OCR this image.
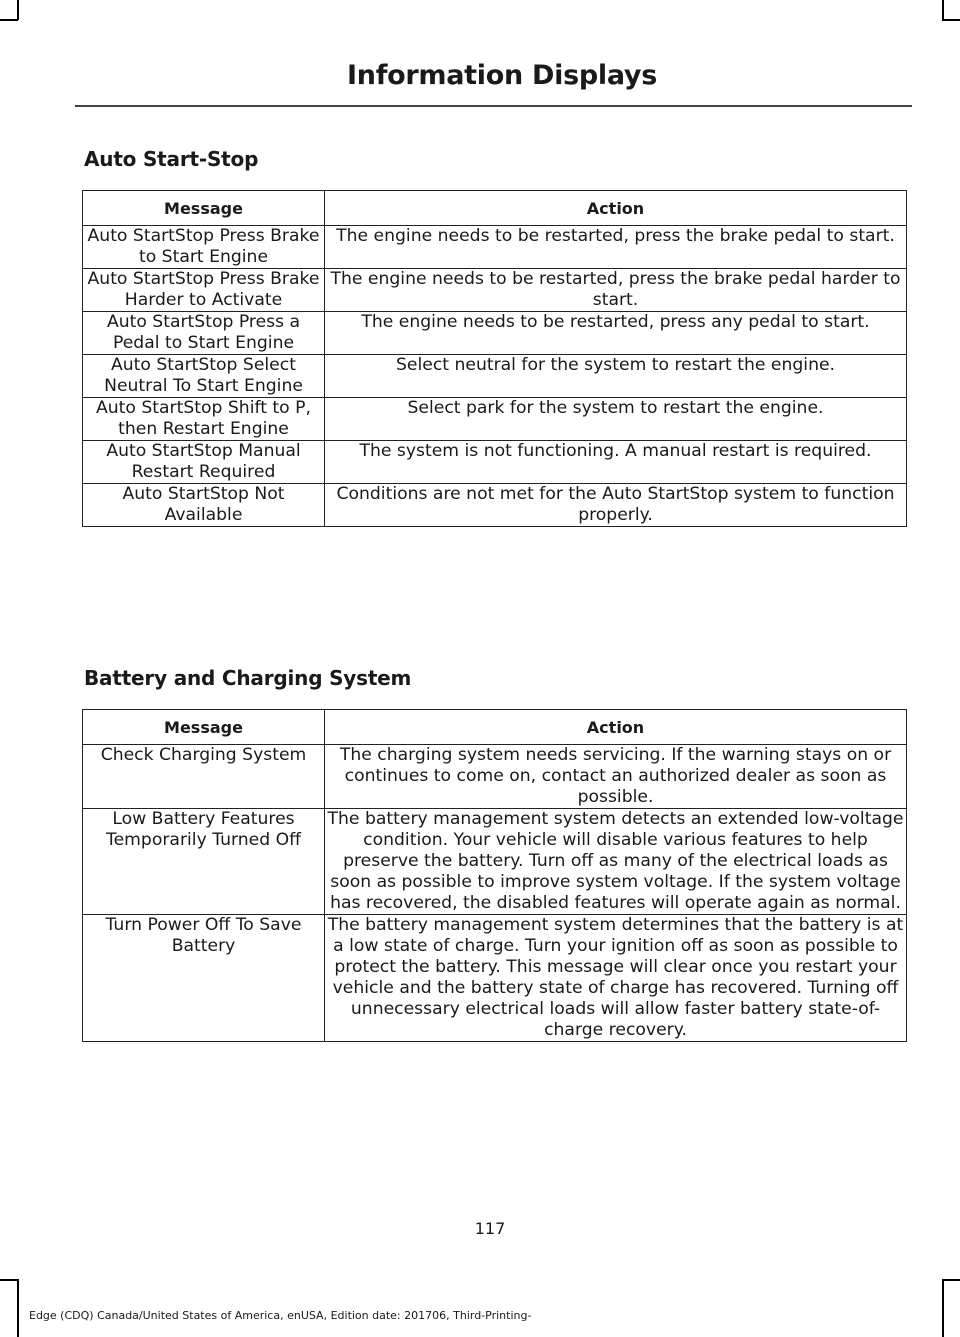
Information Displays
Auto Start-Stop
Message	Action
Auto StartStop Press Brake to Start Engine	The engine needs to be restarted, press the brake pedal to start.
Auto StartStop Press Brake Harder to Activate	The engine needs to be restarted, press the brake pedal harder to start.
Auto StartStop Press a Pedal to Start Engine	The engine needs to be restarted, press any pedal to start.
Auto StartStop Select Neutral To Start Engine	Select neutral for the system to restart the engine.
Auto StartStop Shift to P, then Restart Engine	Select park for the system to restart the engine.
Auto StartStop Manual Restart Required	The system is not functioning. A manual restart is required.
Auto StartStop Not Available	Conditions are not met for the Auto StartStop system to function properly.
Battery and Charging System
Message	Action
Check Charging System	The charging system needs servicing. If the warning stays on or continues to come on, contact an authorized dealer as soon as possible.
Low Battery Features Temporarily Turned Off	The battery management system detects an extended low-voltage condition. Your vehicle will disable various features to help preserve the battery. Turn off as many of the electrical loads as soon as possible to improve system voltage. If the system voltage has recovered, the disabled features will operate again as normal.
Turn Power Off To Save Battery	The battery management system determines that the battery is at a low state of charge. Turn your ignition off as soon as possible to protect the battery. This message will clear once you restart your vehicle and the battery state of charge has recovered. Turning off unnecessary electrical loads will allow faster battery state-of-charge recovery.
117
Edge (CDQ) Canada/United States of America, enUSA, Edition date: 201706, Third-Printing-
